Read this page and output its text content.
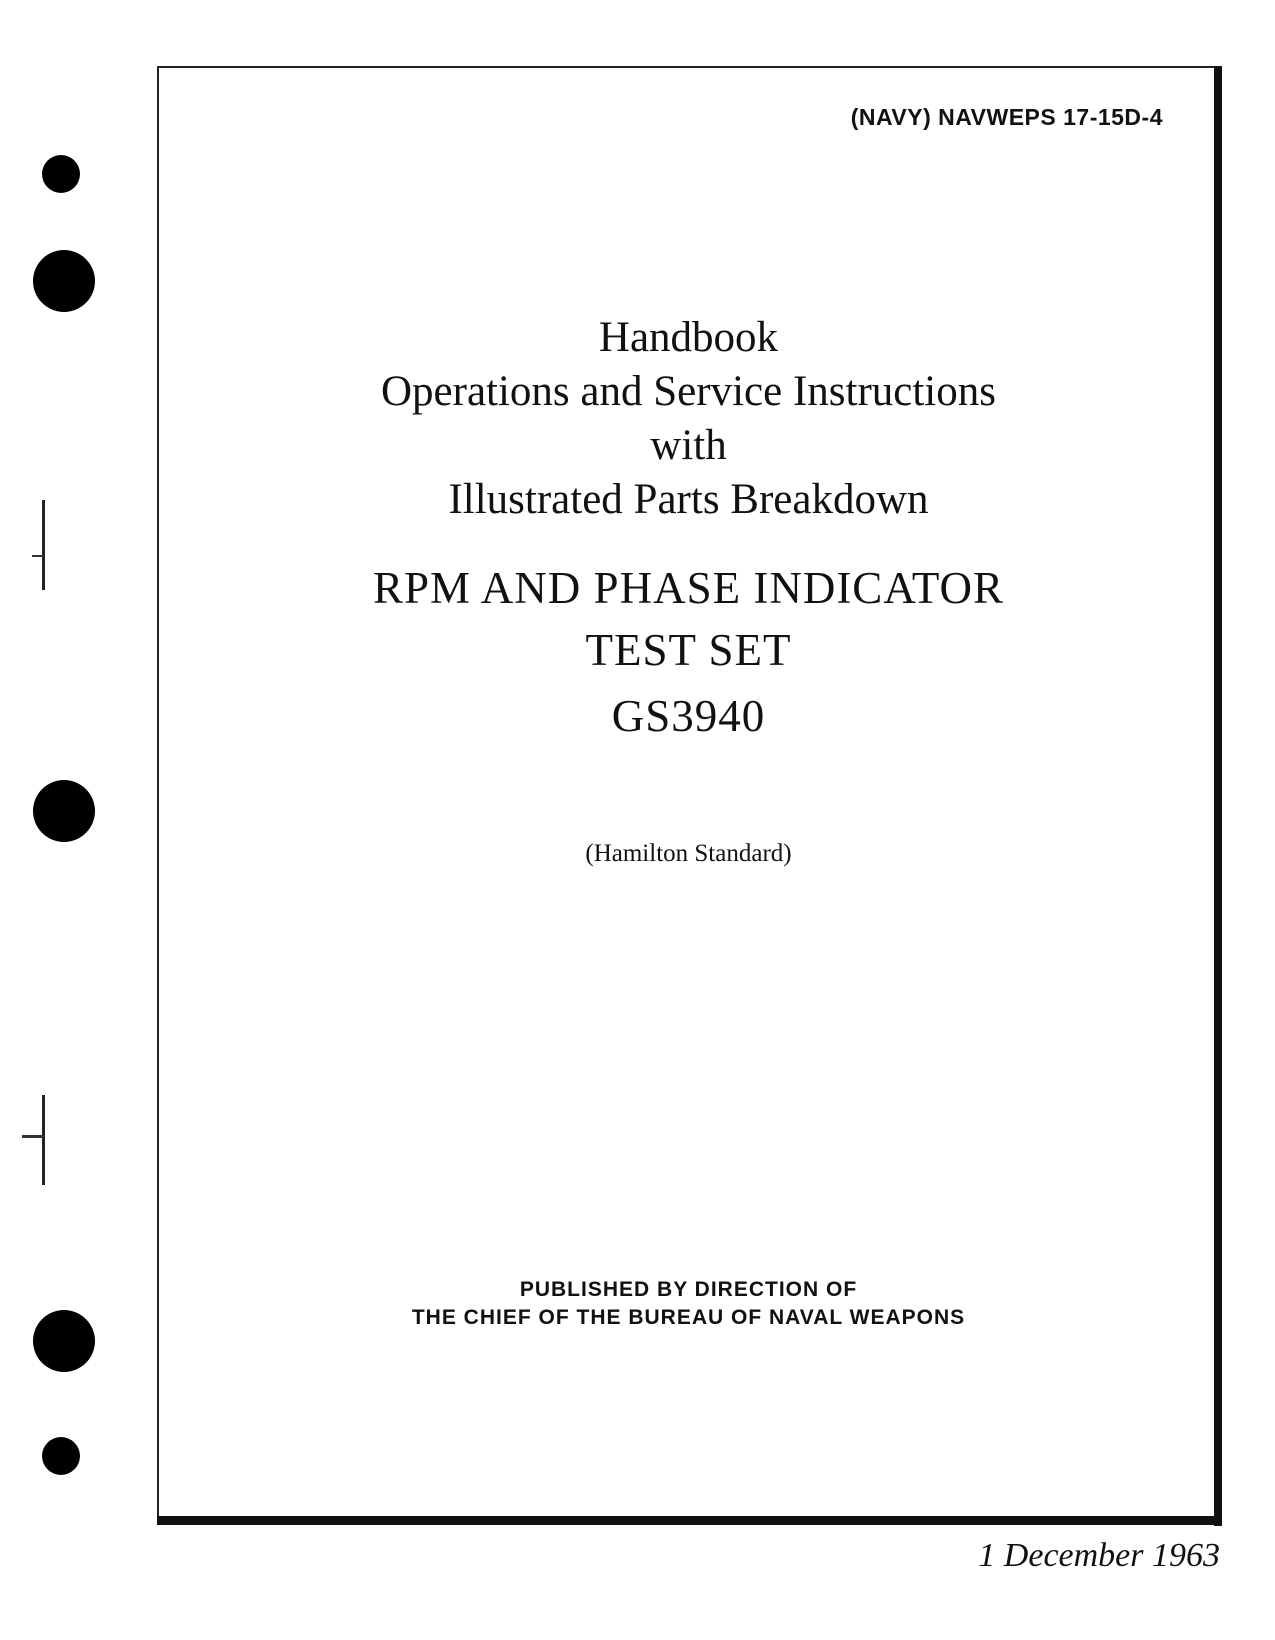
(NAVY) NAVWEPS 17-15D-4
Handbook
Operations and Service Instructions
with
Illustrated Parts Breakdown
RPM AND PHASE INDICATOR
TEST SET
GS3940
(Hamilton Standard)
PUBLISHED BY DIRECTION OF
THE CHIEF OF THE BUREAU OF NAVAL WEAPONS
1 December 1963
